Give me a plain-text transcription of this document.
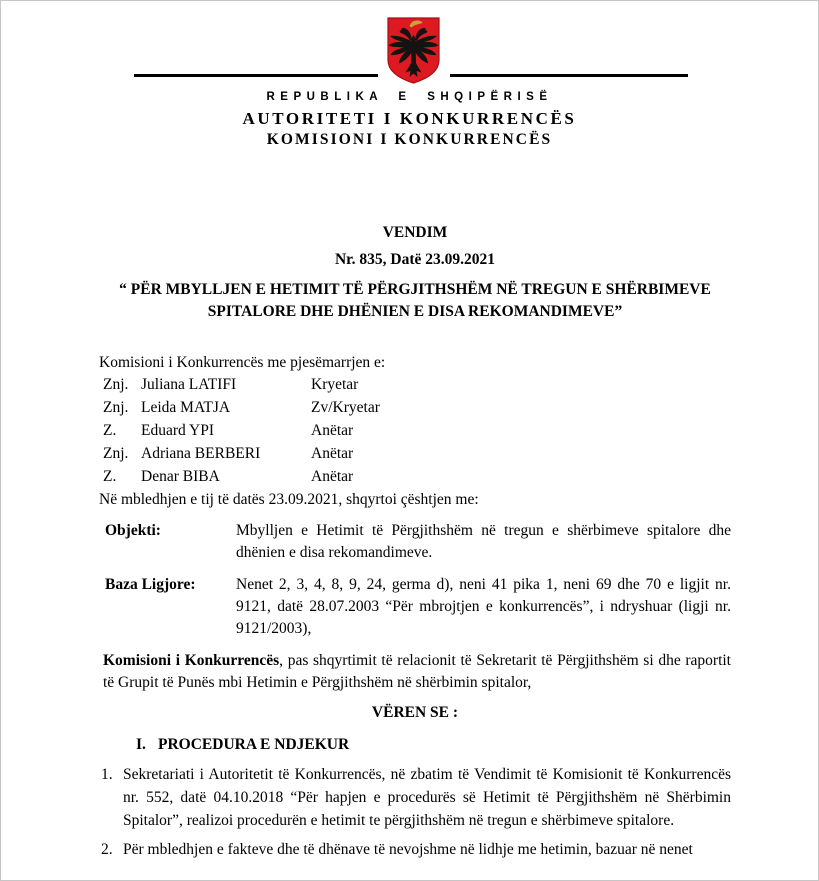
REPUBLIKA E SHQIPËRISË
AUTORITETI I KONKURRENCËS
KOMISIONI I KONKURRENCËS
VENDIM
Nr. 835, Datë 23.09.2021
“ PËR MBYLLJEN E HETIMIT TË PËRGJITHSHËM NË TREGUN E SHËRBIMEVE SPITALORE DHE DHËNIEN E DISA REKOMANDIMEVE”
Komisioni i Konkurrencës me pjesëmarrjen e:
Znj. Juliana LATIFI	Kryetar
Znj. Leida MATJA	Zv/Kryetar
Z.	Eduard YPI	Anëtar
Znj. Adriana BERBERI	Anëtar
Z.	Denar BIBA	Anëtar
Në mbledhjen e tij të datës 23.09.2021, shqyrtoi çështjen me:
Objekti:	Mbylljen e Hetimit të Përgjithshëm në tregun e shërbimeve spitalore dhe dhënien e disa rekomandimeve.
Baza Ligjore:	Nenet 2, 3, 4, 8, 9, 24, germa d), neni 41 pika 1, neni 69 dhe 70 e ligjit nr. 9121, datë 28.07.2003 “Për mbrojtjen e konkurrencës”, i ndryshuar (ligji nr. 9121/2003),
Komisioni i Konkurrencës, pas shqyrtimit të relacionit të Sekretarit të Përgjithshëm si dhe raportit të Grupit të Punës mbi Hetimin e Përgjithshëm në shërbimin spitalor,
VËREN SE :
I. PROCEDURA E NDJEKUR
1. Sekretariati i Autoritetit të Konkurrencës, në zbatim të Vendimit të Komisionit të Konkurrencës nr. 552, datë 04.10.2018 “Për hapjen e procedurës së Hetimit të Përgjithshëm në Shërbimin Spitalor”, realizoi procedurën e hetimit te përgjithshëm në tregun e shërbimeve spitalore.
2. Për mbledhjen e fakteve dhe të dhënave të nevojshme në lidhje me hetimin, bazuar në nenet
